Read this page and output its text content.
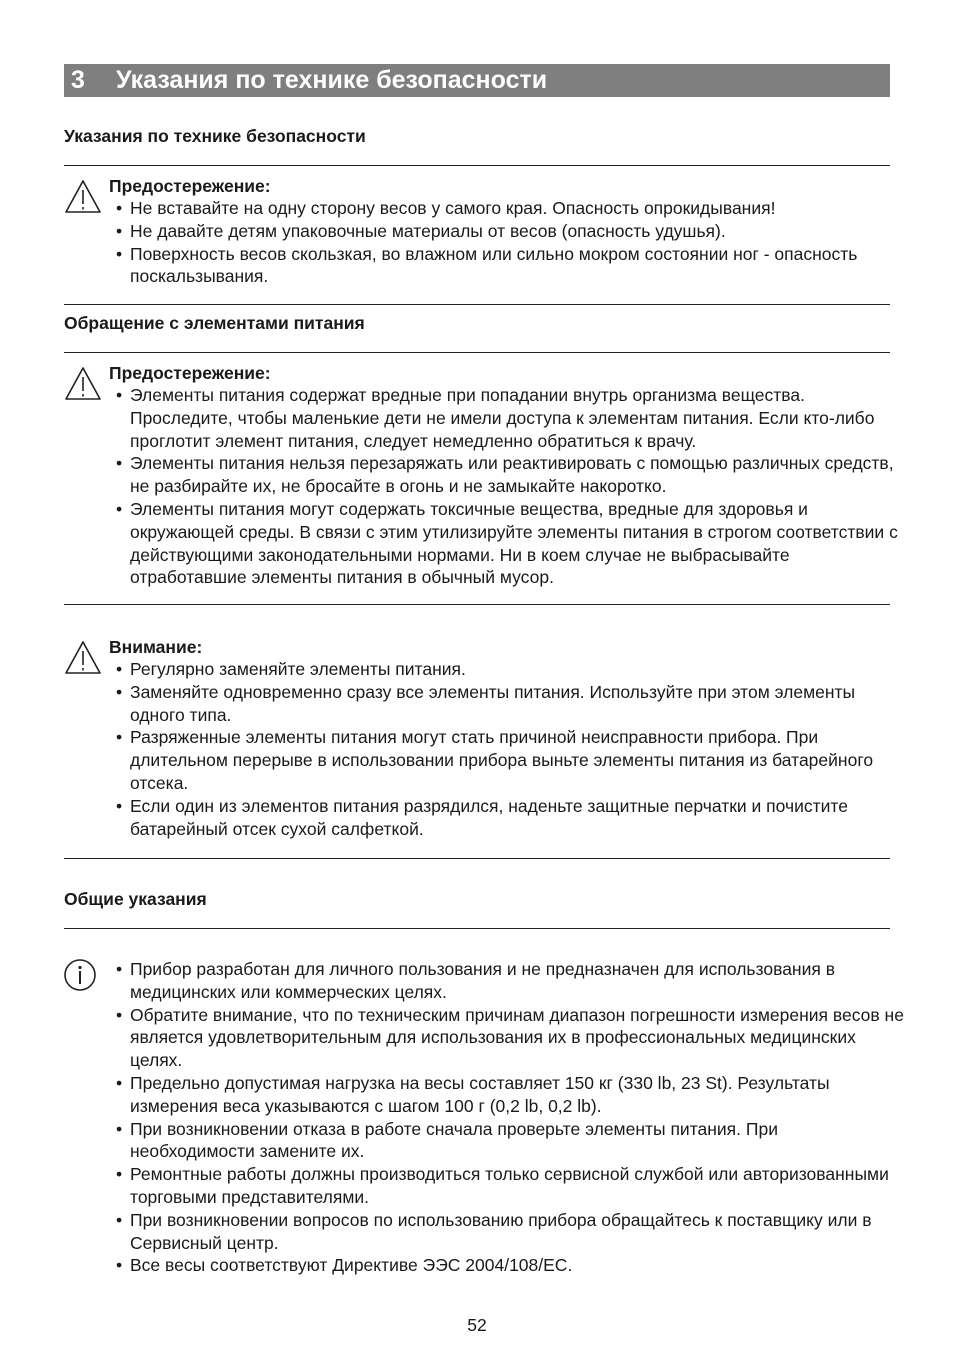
3 Указания по технике безопасности
Указания по технике безопасности
Предостережение:
• Не вставайте на одну сторону весов у самого края. Опасность опрокидывания!
• Не давайте детям упаковочные материалы от весов (опасность удушья).
• Поверхность весов скользкая, во влажном или сильно мокром состоянии ног - опасность поскальзывания.
Обращение с элементами питания
Предостережение:
• Элементы питания содержат вредные при попадании внутрь организма вещества. Проследите, чтобы маленькие дети не имели доступа к элементам питания. Если кто-либо проглотит элемент питания, следует немедленно обратиться к врачу.
• Элементы питания нельзя перезаряжать или реактивировать с помощью различных средств, не разбирайте их, не бросайте в огонь и не замыкайте накоротко.
• Элементы питания могут содержать токсичные вещества, вредные для здоровья и окружающей среды. В связи с этим утилизируйте элементы питания в строгом соответствии с действующими законодательными нормами. Ни в коем случае не выбрасывайте отработавшие элементы питания в обычный мусор.
Внимание:
• Регулярно заменяйте элементы питания.
• Заменяйте одновременно сразу все элементы питания. Используйте при этом элементы одного типа.
• Разряженные элементы питания могут стать причиной неисправности прибора. При длительном перерыве в использовании прибора выньте элементы питания из батарейного отсека.
• Если один из элементов питания разрядился, наденьте защитные перчатки и почистите батарейный отсек сухой салфеткой.
Общие указания
• Прибор разработан для личного пользования и не предназначен для использования в медицинских или коммерческих целях.
• Обратите внимание, что по техническим причинам диапазон погрешности измерения весов не является удовлетворительным для использования их в профессиональных медицинских целях.
• Предельно допустимая нагрузка на весы составляет 150 кг (330 lb, 23 St). Результаты измерения веса указываются с шагом 100 г (0,2 lb, 0,2 lb).
• При возникновении отказа в работе сначала проверьте элементы питания. При необходимости замените их.
• Ремонтные работы должны производиться только сервисной службой или авторизованными торговыми представителями.
• При возникновении вопросов по использованию прибора обращайтесь к поставщику или в Сервисный центр.
• Все весы соответствуют Директиве ЭЭС 2004/108/EC.
52
